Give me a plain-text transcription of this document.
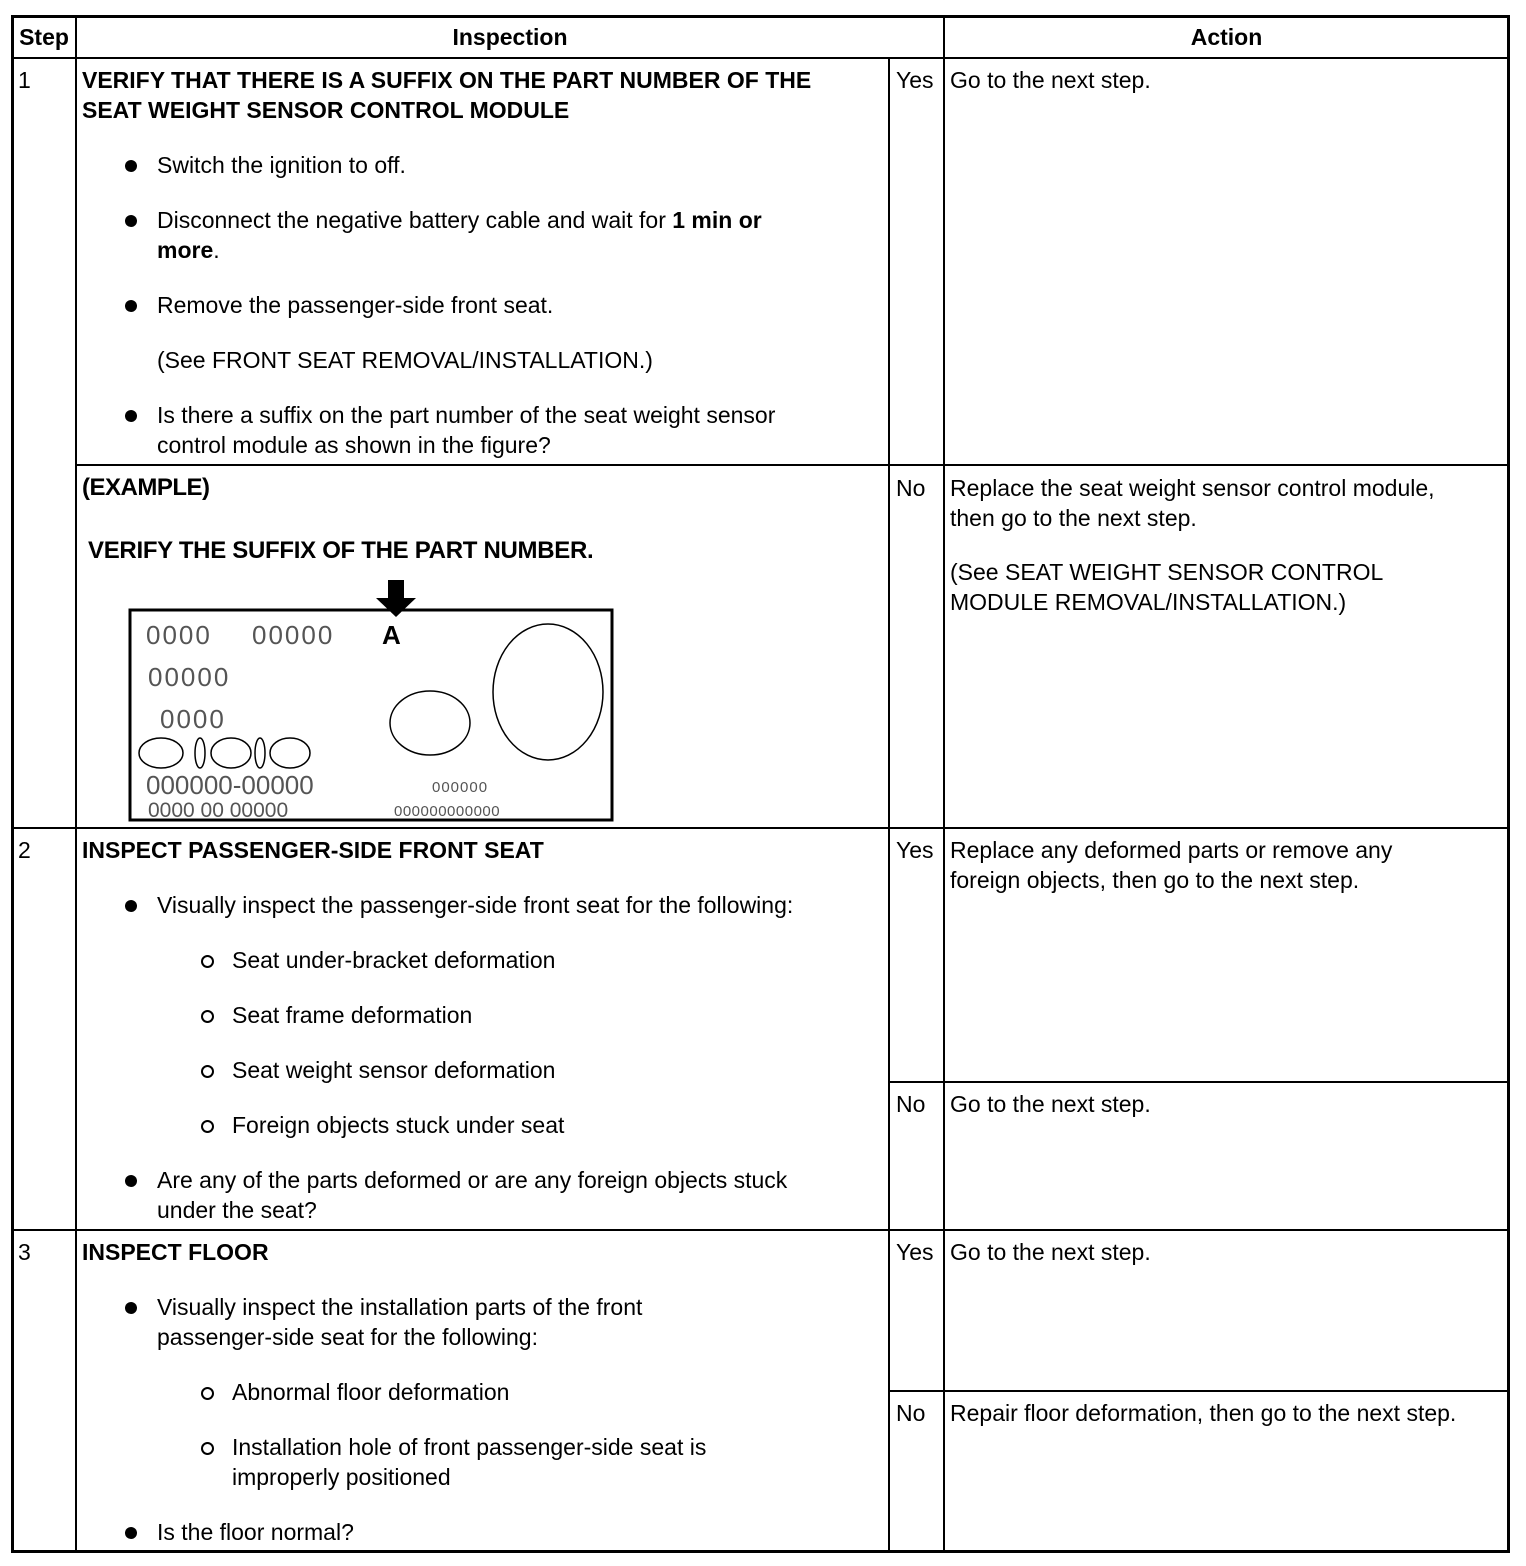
Step	Inspection	Action
1 VERIFY THAT THERE IS A SUFFIX ON THE PART NUMBER OF THE
SEAT WEIGHT SENSOR CONTROL MODULE
Switch the ignition to off.
Disconnect the negative battery cable and wait for 1 min or
more.
Remove the passenger-side front seat.
(See FRONT SEAT REMOVAL/INSTALLATION.)
Is there a suffix on the part number of the seat weight sensor
control module as shown in the figure?
Yes Go to the next step.
(EXAMPLE)
VERIFY THE SUFFIX OF THE PART NUMBER.
A
0000 00000
00000
0000
000000-00000
0000 00 00000
000000
000000000000
No Replace the seat weight sensor control module,
then go to the next step.
(See SEAT WEIGHT SENSOR CONTROL
MODULE REMOVAL/INSTALLATION.)
2 INSPECT PASSENGER-SIDE FRONT SEAT
Visually inspect the passenger-side front seat for the following:
Seat under-bracket deformation
Seat frame deformation
Seat weight sensor deformation
Foreign objects stuck under seat
Are any of the parts deformed or are any foreign objects stuck
under the seat?
Yes Replace any deformed parts or remove any
foreign objects, then go to the next step.
No Go to the next step.
3 INSPECT FLOOR
Visually inspect the installation parts of the front
passenger-side seat for the following:
Abnormal floor deformation
Installation hole of front passenger-side seat is
improperly positioned
Is the floor normal?
Yes Go to the next step.
No Repair floor deformation, then go to the next step.
